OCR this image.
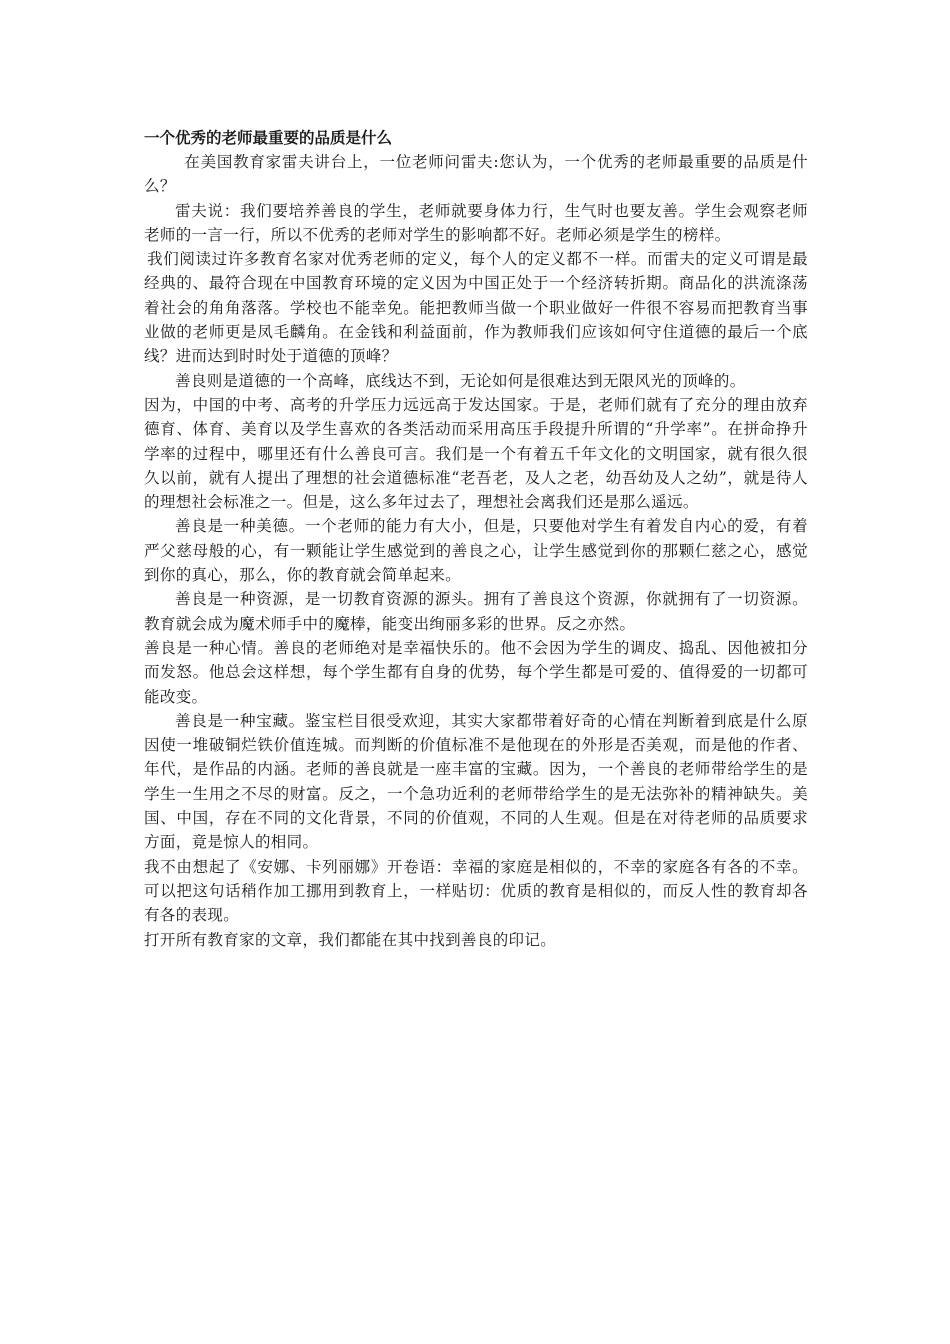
一个优秀的老师最重要的品质是什么

在美国教育家雷夫讲台上，一位老师问雷夫:您认为，一个优秀的老师最重要的品质是什么？

雷夫说：我们要培养善良的学生，老师就要身体力行，生气时也要友善。学生会观察老师老师的一言一行，所以不优秀的老师对学生的影响都不好。老师必须是学生的榜样。

我们阅读过许多教育名家对优秀老师的定义，每个人的定义都不一样。而雷夫的定义可谓是最经典的、最符合现在中国教育环境的定义因为中国正处于一个经济转折期。商品化的洪流涤荡着社会的角角落落。学校也不能幸免。能把教师当做一个职业做好一件很不容易而把教育当事业做的老师更是凤毛麟角。在金钱和利益面前，作为教师我们应该如何守住道德的最后一个底线？进而达到时时处于道德的顶峰？

善良则是道德的一个高峰，底线达不到，无论如何是很难达到无限风光的顶峰的。

因为，中国的中考、高考的升学压力远远高于发达国家。于是，老师们就有了充分的理由放弃德育、体育、美育以及学生喜欢的各类活动而采用高压手段提升所谓的“升学率”。在拼命挣升学率的过程中，哪里还有什么善良可言。我们是一个有着五千年文化的文明国家，就有很久很久以前，就有人提出了理想的社会道德标准“老吾老，及人之老，幼吾幼及人之幼”，就是待人的理想社会标准之一。但是，这么多年过去了，理想社会离我们还是那么遥远。

善良是一种美德。一个老师的能力有大小，但是，只要他对学生有着发自内心的爱，有着严父慈母般的心，有一颗能让学生感觉到的善良之心，让学生感觉到你的那颗仁慈之心，感觉到你的真心，那么，你的教育就会简单起来。

善良是一种资源，是一切教育资源的源头。拥有了善良这个资源，你就拥有了一切资源。教育就会成为魔术师手中的魔棒，能变出绚丽多彩的世界。反之亦然。

善良是一种心情。善良的老师绝对是幸福快乐的。他不会因为学生的调皮、捣乱、因他被扣分而发怒。他总会这样想，每个学生都有自身的优势，每个学生都是可爱的、值得爱的一切都可能改变。

善良是一种宝藏。鉴宝栏目很受欢迎，其实大家都带着好奇的心情在判断着到底是什么原因使一堆破铜烂铁价值连城。而判断的价值标准不是他现在的外形是否美观，而是他的作者、年代，是作品的内涵。老师的善良就是一座丰富的宝藏。因为，一个善良的老师带给学生的是学生一生用之不尽的财富。反之，一个急功近利的老师带给学生的是无法弥补的精神缺失。美国、中国，存在不同的文化背景，不同的价值观，不同的人生观。但是在对待老师的品质要求方面，竟是惊人的相同。

我不由想起了《安娜、卡列丽娜》开卷语：幸福的家庭是相似的，不幸的家庭各有各的不幸。可以把这句话稍作加工挪用到教育上，一样贴切：优质的教育是相似的，而反人性的教育却各有各的表现。

打开所有教育家的文章，我们都能在其中找到善良的印记。
